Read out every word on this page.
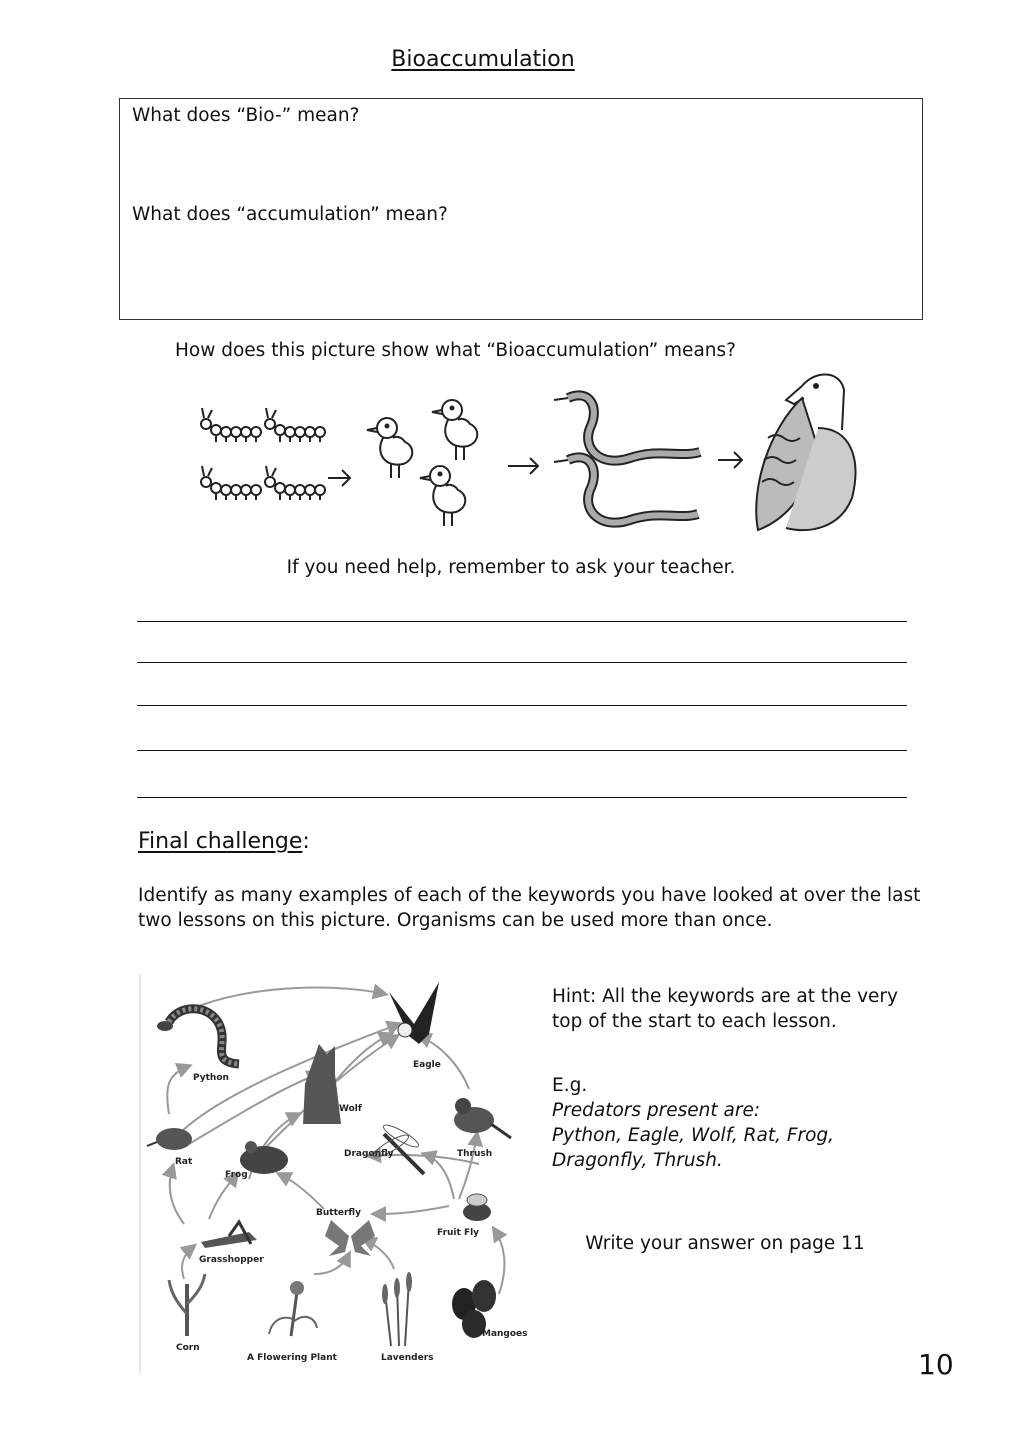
Bioaccumulation
What does “Bio-” mean?
What does “accumulation” mean?
How does this picture show what “Bioaccumulation” means?
If you need help, remember to ask your teacher.
Final challenge:
Identify as many examples of each of the keywords you have looked at over the last two lessons on this picture. Organisms can be used more than once.
Python
Eagle
Wolf
Rat
Frog
Dragonfly	Thrush
Butterfly
Fruit Fly
Grasshopper
Corn
A Flowering Plant	Lavenders
Mangoes
Hint: All the keywords are at the very top of the start to each lesson.
E.g.
Predators present are:
Python, Eagle, Wolf, Rat, Frog,
Dragonfly, Thrush.
Write your answer on page 11
10
